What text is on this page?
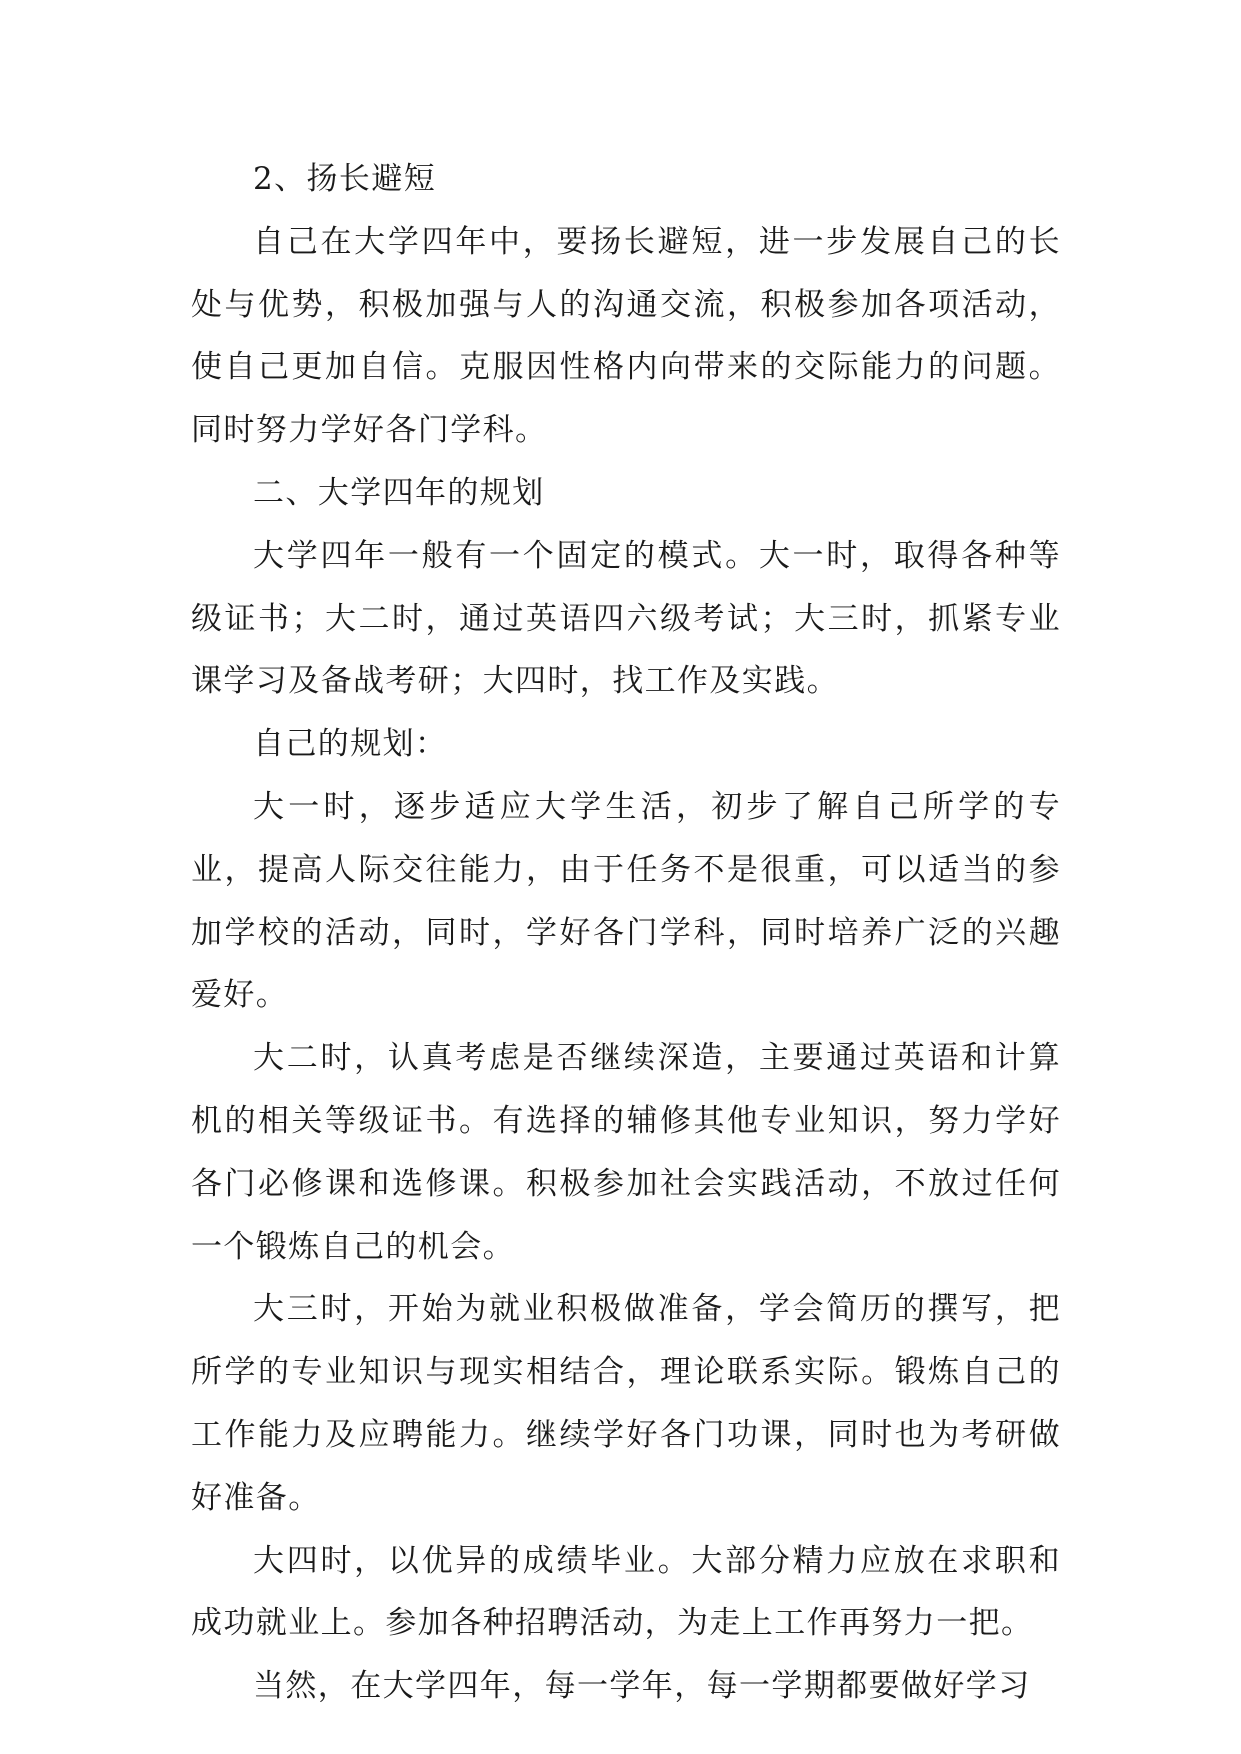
2、扬长避短

自己在大学四年中，要扬长避短，进一步发展自己的长处与优势，积极加强与人的沟通交流，积极参加各项活动，使自己更加自信。克服因性格内向带来的交际能力的问题。同时努力学好各门学科。

二、大学四年的规划

大学四年一般有一个固定的模式。大一时，取得各种等级证书；大二时，通过英语四六级考试；大三时，抓紧专业课学习及备战考研；大四时，找工作及实践。

自己的规划：

大一时，逐步适应大学生活，初步了解自己所学的专业，提高人际交往能力，由于任务不是很重，可以适当的参加学校的活动，同时，学好各门学科，同时培养广泛的兴趣爱好。

大二时，认真考虑是否继续深造，主要通过英语和计算机的相关等级证书。有选择的辅修其他专业知识，努力学好各门必修课和选修课。积极参加社会实践活动，不放过任何一个锻炼自己的机会。

大三时，开始为就业积极做准备，学会简历的撰写，把所学的专业知识与现实相结合，理论联系实际。锻炼自己的工作能力及应聘能力。继续学好各门功课，同时也为考研做好准备。

大四时，以优异的成绩毕业。大部分精力应放在求职和成功就业上。参加各种招聘活动，为走上工作再努力一把。

当然，在大学四年，每一学年，每一学期都要做好学习
